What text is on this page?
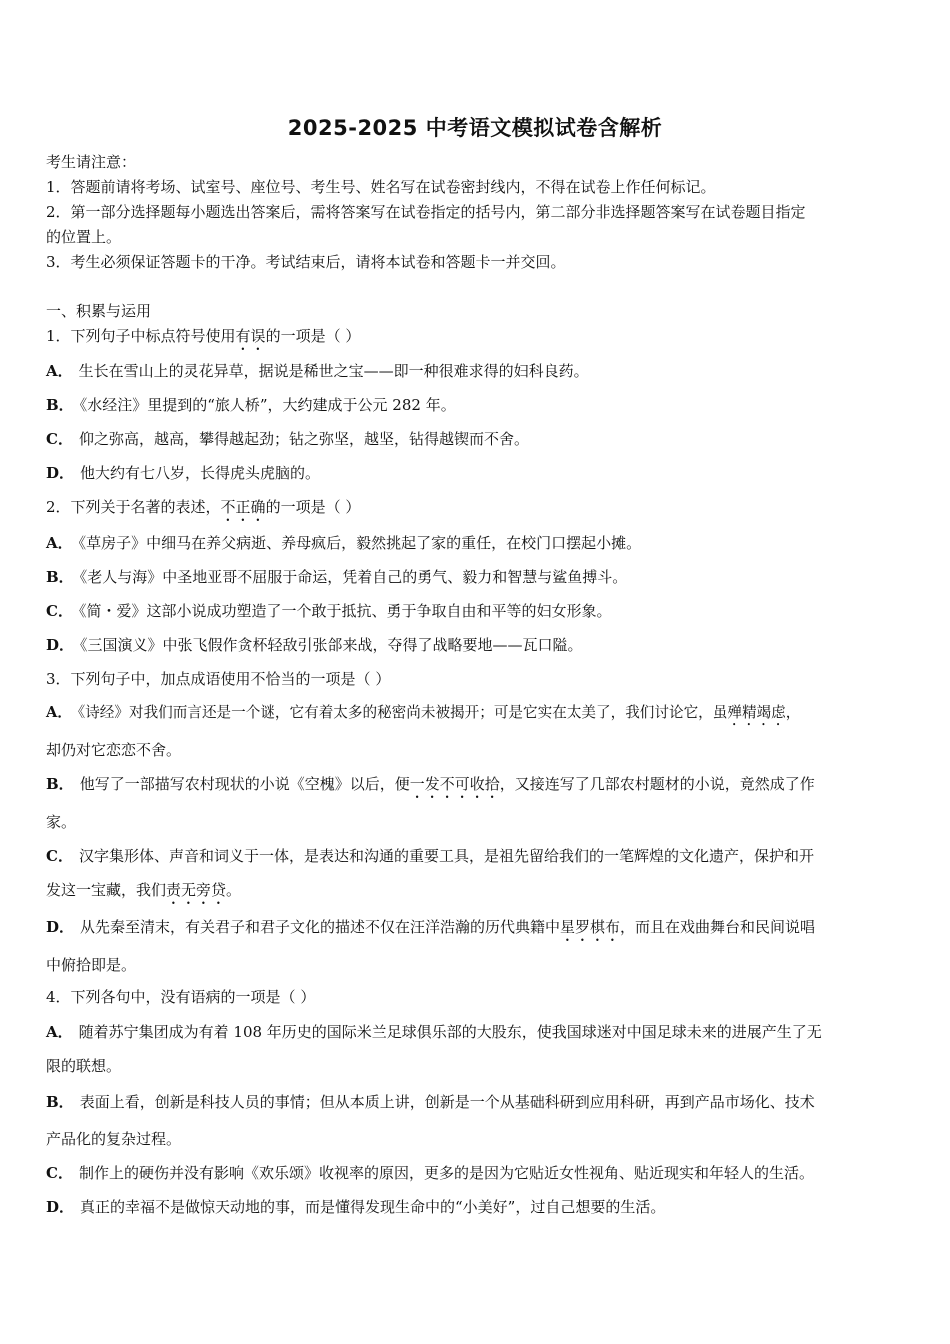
2025-2025 中考语文模拟试卷含解析
考生请注意：
1．答题前请将考场、试室号、座位号、考生号、姓名写在试卷密封线内，不得在试卷上作任何标记。
2．第一部分选择题每小题选出答案后，需将答案写在试卷指定的括号内，第二部分非选择题答案写在试卷题目指定
的位置上。
3．考生必须保证答题卡的干净。考试结束后，请将本试卷和答题卡一并交回。
一、积累与运用
1．下列句子中标点符号使用有误的一项是（ ）
A． 生长在雪山上的灵花异草，据说是稀世之宝——即一种很难求得的妇科良药。
B． 《水经注》里提到的“旅人桥”，大约建成于公元 282 年。
C． 仰之弥高，越高，攀得越起劲；钻之弥坚，越坚，钻得越锲而不舍。
D． 他大约有七八岁，长得虎头虎脑的。
2．下列关于名著的表述，不正确的一项是（ ）
A． 《草房子》中细马在养父病逝、养母疯后，毅然挑起了家的重任，在校门口摆起小摊。
B． 《老人与海》中圣地亚哥不屈服于命运，凭着自己的勇气、毅力和智慧与鲨鱼搏斗。
C． 《简・爱》这部小说成功塑造了一个敢于抵抗、勇于争取自由和平等的妇女形象。
D． 《三国演义》中张飞假作贪杯轻敌引张郃来战，夺得了战略要地——瓦口隘。
3．下列句子中，加点成语使用不恰当的一项是（ ）
A． 《诗经》对我们而言还是一个谜，它有着太多的秘密尚未被揭开；可是它实在太美了，我们讨论它，虽殚精竭虑，
却仍对它恋恋不舍。
B． 他写了一部描写农村现状的小说《空槐》以后，便一发不可收拾，又接连写了几部农村题材的小说，竟然成了作
家。
C． 汉字集形体、声音和词义于一体，是表达和沟通的重要工具，是祖先留给我们的一笔辉煌的文化遗产，保护和开
发这一宝藏，我们责无旁贷。
D． 从先秦至清末，有关君子和君子文化的描述不仅在汪洋浩瀚的历代典籍中星罗棋布，而且在戏曲舞台和民间说唱
中俯拾即是。
4．下列各句中，没有语病的一项是（ ）
A． 随着苏宁集团成为有着 108 年历史的国际米兰足球俱乐部的大股东，使我国球迷对中国足球未来的进展产生了无
限的联想。
B． 表面上看，创新是科技人员的事情；但从本质上讲，创新是一个从基础科研到应用科研，再到产品市场化、技术
产品化的复杂过程。
C． 制作上的硬伤并没有影响《欢乐颂》收视率的原因，更多的是因为它贴近女性视角、贴近现实和年轻人的生活。
D． 真正的幸福不是做惊天动地的事，而是懂得发现生命中的“小美好”，过自己想要的生活。
